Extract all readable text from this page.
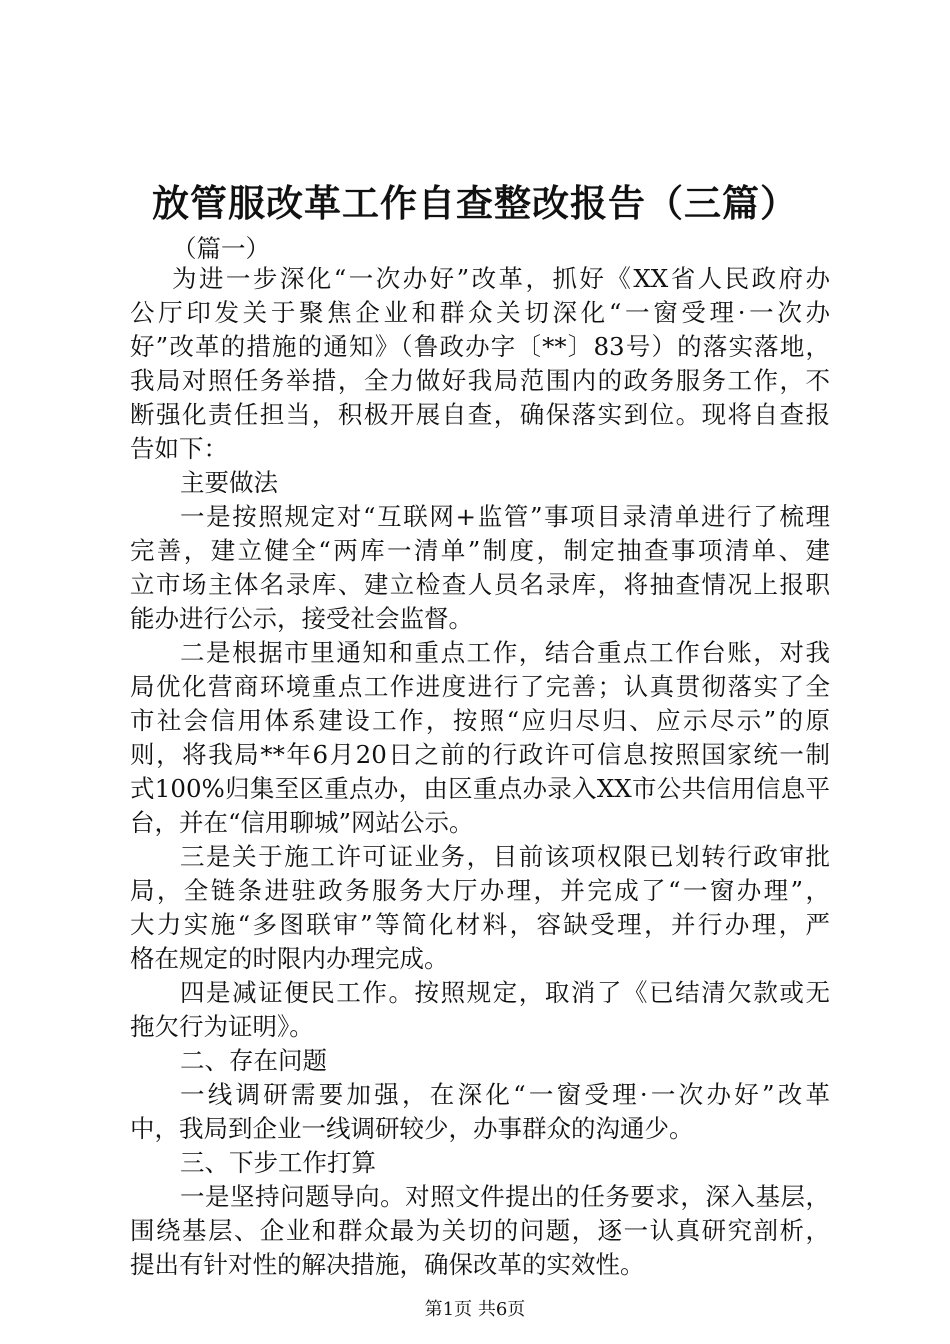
放管服改革工作自查整改报告（三篇）
（篇一）
为进一步深化“一次办好”改革，抓好《XX省人民政府办
公厅印发关于聚焦企业和群众关切深化“一窗受理·一次办
好”改革的措施的通知》（鲁政办字〔**〕83号）的落实落地，
我局对照任务举措，全力做好我局范围内的政务服务工作，不
断强化责任担当，积极开展自查，确保落实到位。现将自查报
告如下：
主要做法
一是按照规定对“互联网+监管”事项目录清单进行了梳理
完善，建立健全“两库一清单”制度，制定抽查事项清单、建
立市场主体名录库、建立检查人员名录库，将抽查情况上报职
能办进行公示，接受社会监督。
二是根据市里通知和重点工作，结合重点工作台账，对我
局优化营商环境重点工作进度进行了完善；认真贯彻落实了全
市社会信用体系建设工作，按照“应归尽归、应示尽示”的原
则，将我局**年6月20日之前的行政许可信息按照国家统一制
式100%归集至区重点办，由区重点办录入XX市公共信用信息平
台，并在“信用聊城”网站公示。
三是关于施工许可证业务，目前该项权限已划转行政审批
局，全链条进驻政务服务大厅办理，并完成了“一窗办理”，
大力实施“多图联审”等简化材料，容缺受理，并行办理，严
格在规定的时限内办理完成。
四是减证便民工作。按照规定，取消了《已结清欠款或无
拖欠行为证明》。
二、存在问题
一线调研需要加强，在深化“一窗受理·一次办好”改革
中，我局到企业一线调研较少，办事群众的沟通少。
三、下步工作打算
一是坚持问题导向。对照文件提出的任务要求，深入基层，
围绕基层、企业和群众最为关切的问题，逐一认真研究剖析，
提出有针对性的解决措施，确保改革的实效性。
第1页 共6页
